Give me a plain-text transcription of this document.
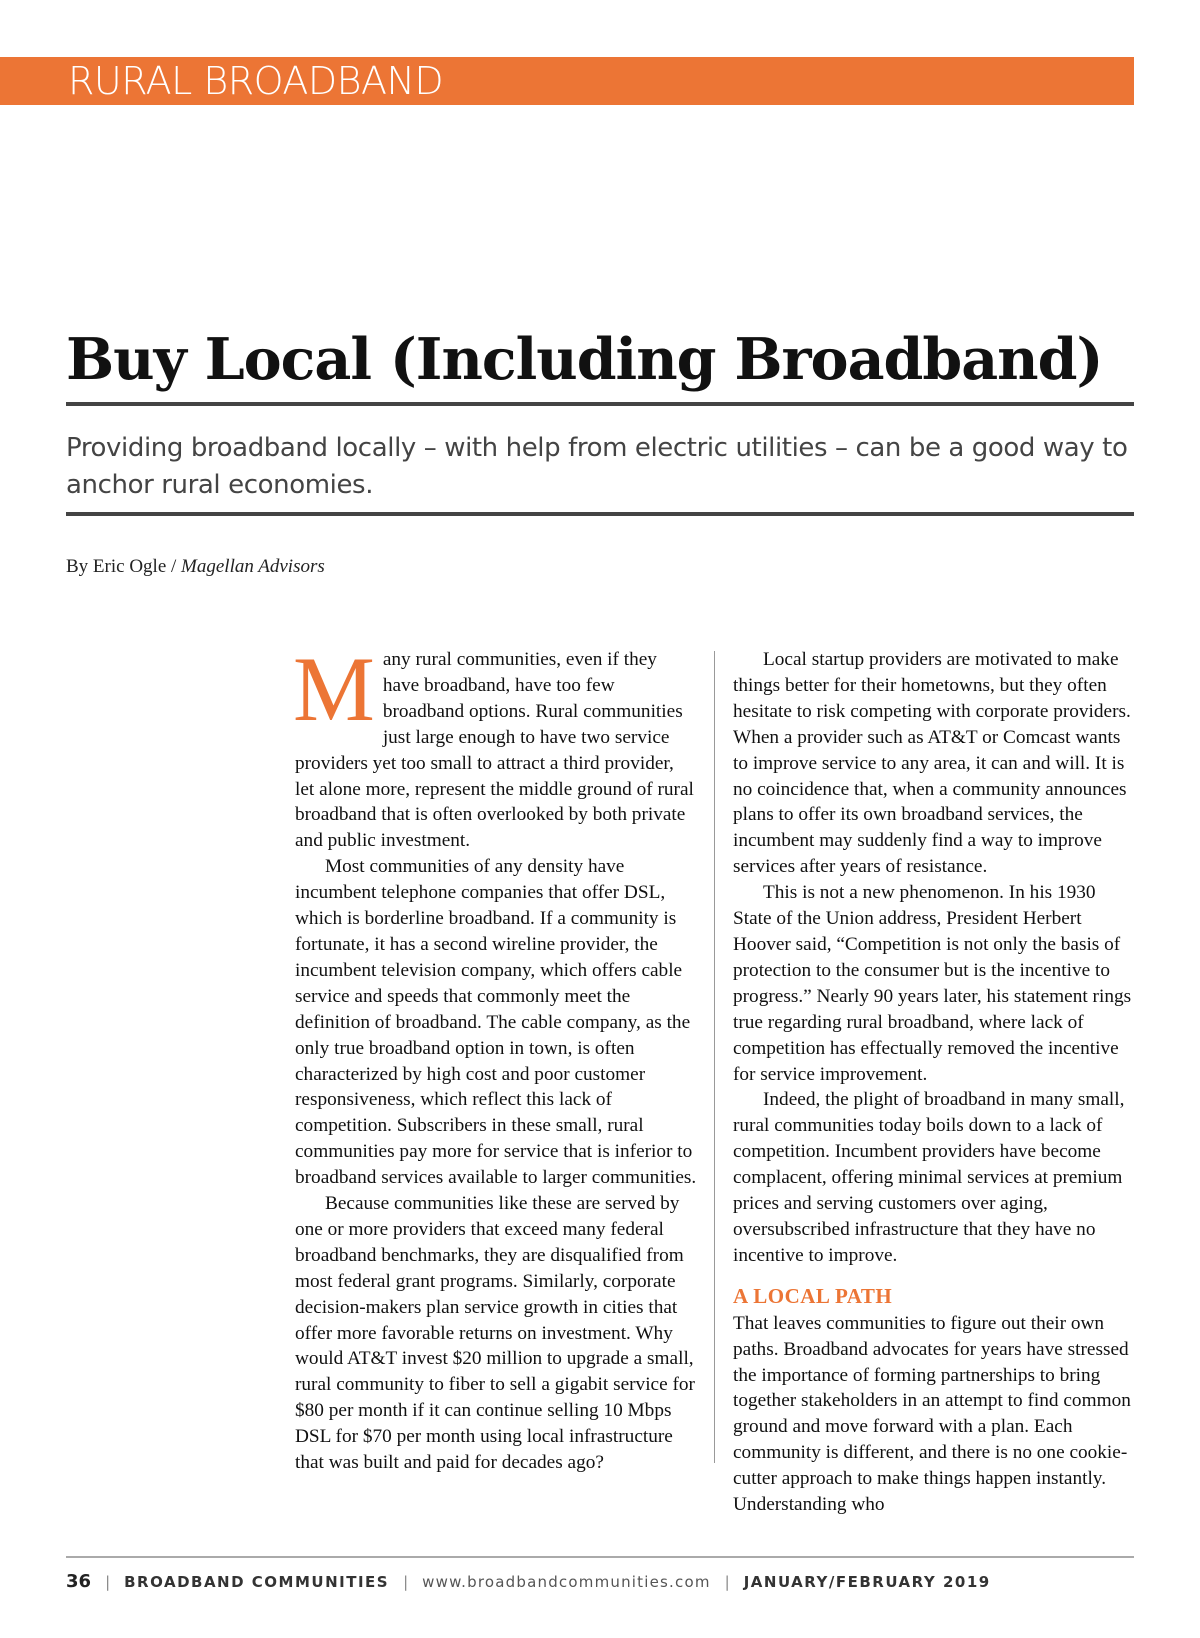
RURAL BROADBAND
Buy Local (Including Broadband)
Providing broadband locally – with help from electric utilities – can be a good way to anchor rural economies.
By Eric Ogle / Magellan Advisors

Many rural communities, even if they have broadband, have too few broadband options. Rural communities just large enough to have two service providers yet too small to attract a third provider, let alone more, represent the middle ground of rural broadband that is often overlooked by both private and public investment.

Most communities of any density have incumbent telephone companies that offer DSL, which is borderline broadband. If a community is fortunate, it has a second wireline provider, the incumbent television company, which offers cable service and speeds that commonly meet the definition of broadband. The cable company, as the only true broadband option in town, is often characterized by high cost and poor customer responsiveness, which reflect this lack of competition. Subscribers in these small, rural communities pay more for service that is inferior to broadband services available to larger communities.

Because communities like these are served by one or more providers that exceed many federal broadband benchmarks, they are disqualified from most federal grant programs. Similarly, corporate decision-makers plan service growth in cities that offer more favorable returns on investment. Why would AT&T invest $20 million to upgrade a small, rural community to fiber to sell a gigabit service for $80 per month if it can continue selling 10 Mbps DSL for $70 per month using local infrastructure that was built and paid for decades ago?

Local startup providers are motivated to make things better for their hometowns, but they often hesitate to risk competing with corporate providers. When a provider such as AT&T or Comcast wants to improve service to any area, it can and will. It is no coincidence that, when a community announces plans to offer its own broadband services, the incumbent may suddenly find a way to improve services after years of resistance.

This is not a new phenomenon. In his 1930 State of the Union address, President Herbert Hoover said, “Competition is not only the basis of protection to the consumer but is the incentive to progress.” Nearly 90 years later, his statement rings true regarding rural broadband, where lack of competition has effectually removed the incentive for service improvement.

Indeed, the plight of broadband in many small, rural communities today boils down to a lack of competition. Incumbent providers have become complacent, offering minimal services at premium prices and serving customers over aging, oversubscribed infrastructure that they have no incentive to improve.

A LOCAL PATH

That leaves communities to figure out their own paths. Broadband advocates for years have stressed the importance of forming partnerships to bring together stakeholders in an attempt to find common ground and move forward with a plan. Each community is different, and there is no one cookie-cutter approach to make things happen instantly. Understanding who

36 | BROADBAND COMMUNITIES | www.broadbandcommunities.com | JANUARY/FEBRUARY 2019
